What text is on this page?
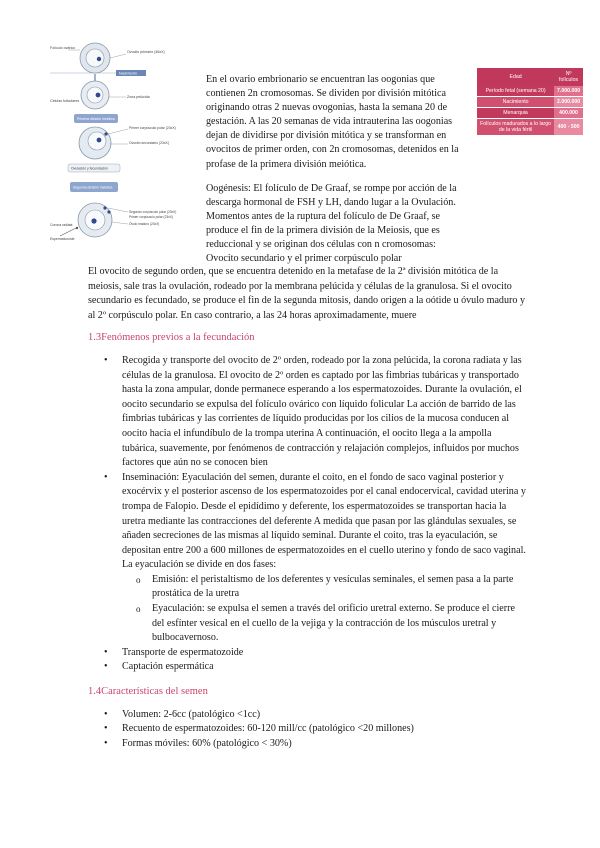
Ovocito primario (46xX)
Folículo ovárico
Nacimiento
Células foliculares
Zona pelúcida
Primera división meiótica
Primer corpúsculo polar (23xX)
Ovocito secundario (23xX)
Ovulación y fecundación
Segunda división meiótica
Corona radiata
Espermatozoide
Segundo corpúsculo polar (23xX)
Primer corpúsculo polar (23xX)
Óvulo maduro (23xX)

En el ovario embrionario se encuentran las oogonias que contienen 2n cromosomas. Se dividen por división mitótica originando otras 2 nuevas ovogonias, hasta la semana 20 de gestación. A las 20 semanas de vida intrauterina las oogonias dejan de dividirse por división mitótica y se transforman en ovocitos de primer orden, con 2n cromosomas, detenidos en la profase de la primera división meiótica.

Oogénesis: El folículo de De Graaf, se rompe por acción de la descarga hormonal de FSH y LH, dando lugar a la Ovulación. Momentos antes de la ruptura del folículo de De Graaf, se produce el fin de la primera división de la Meiosis, que es reduccional y se originan dos células con n cromosomas: Ovocito secundario y el primer corpúsculo polar

Edad	Nº folículos
Período fetal (semana 20)	7.000.000
Nacimiento	2.000.000
Menarquia	400.000
Folículos madurados a lo largo de la vida fértil	400 - 500

El ovocito de segundo orden, que se encuentra detenido en la metafase de la 2ª división mitótica de la meiosis, sale tras la ovulación, rodeado por la membrana pelúcida y células de la granulosa. Si el ovocito secundario es fecundado, se produce el fin de la segunda mitosis, dando origen a la oótide u óvulo maduro y al 2º corpúsculo polar. En caso contrario, a las 24 horas aproximadamente, muere

1.3Fenómenos previos a la fecundación
• Recogida y transporte del ovocito de 2º orden, rodeado por la zona pelúcida, la corona radiata y las células de la granulosa. El ovocito de 2º orden es captado por las fimbrias tubáricas y transportado hasta la zona ampular, donde permanece esperando a los espermatozoides. Durante la ovulación, el oocito secundario se expulsa del folículo ovárico con líquido folicular La acción de barrido de las fimbrias tubáricas y las corrientes de líquido producidas por los cilios de la mucosa conducen al oocito hacia el infundíbulo de la trompa uterina A continuación, el oocito llega a la ampolla tubárica, suavemente, por fenómenos de contracción y relajación complejos, influidos por muchos factores que aún no se conocen bien
• Inseminación: Eyaculación del semen, durante el coito, en el fondo de saco vaginal posterior y exocérvix y el posterior ascenso de los espermatozoides por el canal endocervical, cavidad uterina y trompa de Falopio. Desde el epidídimo y deferente, los espermatozoides se transportan hacia la uretra mediante las contracciones del deferente A medida que pasan por las glándulas sexuales, se añaden secreciones de las mismas al líquido seminal. Durante el coito, tras la eyaculación, se depositan entre 200 a 600 millones de espermatozoides en el cuello uterino y fondo de saco vaginal. La eyaculación se divide en dos fases:
o Emisión: el peristaltismo de los deferentes y vesículas seminales, el semen pasa a la parte prostática de la uretra
o Eyaculación: se expulsa el semen a través del orificio uretral externo. Se produce el cierre del esfínter vesical en el cuello de la vejiga y la contracción de los músculos uretral y bulbocavernoso.
• Transporte de espermatozoide
• Captación espermática
1.4Características del semen
• Volumen: 2-6cc (patológico <1cc)
• Recuento de espermatozoides: 60-120 mill/cc (patológico <20 millones)
• Formas móviles: 60% (patológico < 30%)
